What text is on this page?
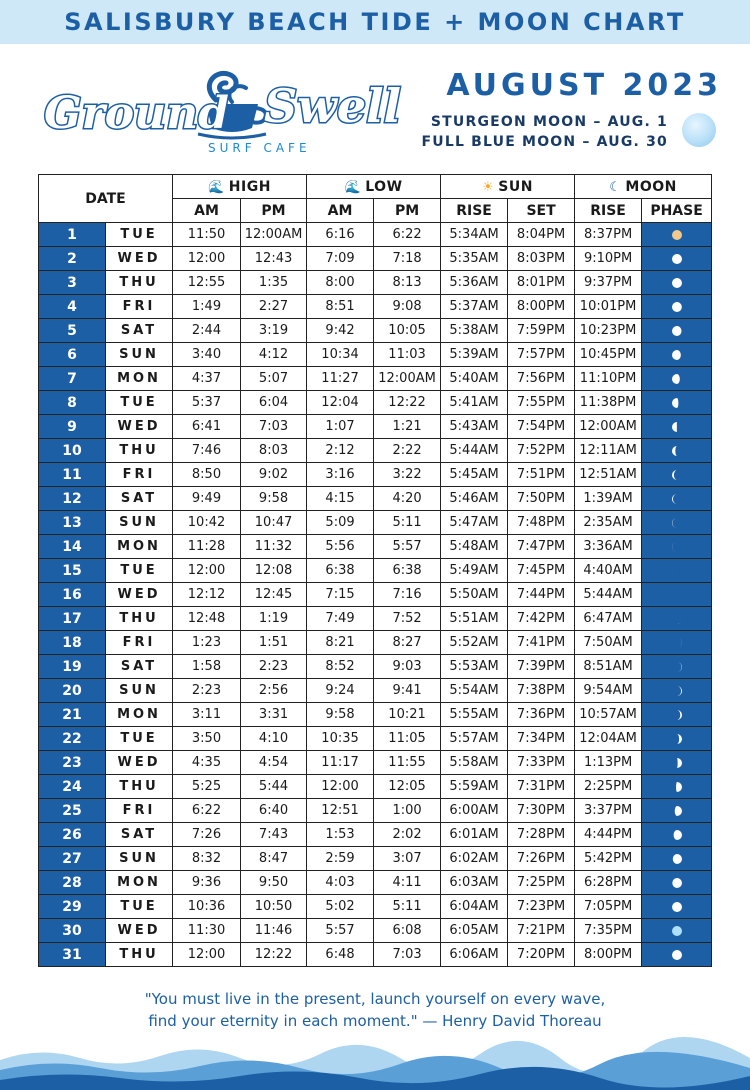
SALISBURY BEACH TIDE + MOON CHART
Ground Swell
SURF CAFE
AUGUST 2023
STURGEON MOON – AUG. 1
FULL BLUE MOON – AUG. 30
DATE		🌊 HIGH		🌊 LOW		☀ SUN		☾ MOON	
		AM	PM	AM	PM	RISE	SET	RISE	PHASE
1	TUE	11:50	12:00AM	6:16	6:22	5:34AM	8:04PM	8:37PM	
2	WED	12:00	12:43	7:09	7:18	5:35AM	8:03PM	9:10PM	
3	THU	12:55	1:35	8:00	8:13	5:36AM	8:01PM	9:37PM	
4	FRI	1:49	2:27	8:51	9:08	5:37AM	8:00PM	10:01PM	
5	SAT	2:44	3:19	9:42	10:05	5:38AM	7:59PM	10:23PM	
6	SUN	3:40	4:12	10:34	11:03	5:39AM	7:57PM	10:45PM	
7	MON	4:37	5:07	11:27	12:00AM	5:40AM	7:56PM	11:10PM	
8	TUE	5:37	6:04	12:04	12:22	5:41AM	7:55PM	11:38PM	
9	WED	6:41	7:03	1:07	1:21	5:43AM	7:54PM	12:00AM	
10	THU	7:46	8:03	2:12	2:22	5:44AM	7:52PM	12:11AM	
11	FRI	8:50	9:02	3:16	3:22	5:45AM	7:51PM	12:51AM	
12	SAT	9:49	9:58	4:15	4:20	5:46AM	7:50PM	1:39AM	
13	SUN	10:42	10:47	5:09	5:11	5:47AM	7:48PM	2:35AM	
14	MON	11:28	11:32	5:56	5:57	5:48AM	7:47PM	3:36AM	
15	TUE	12:00	12:08	6:38	6:38	5:49AM	7:45PM	4:40AM	
16	WED	12:12	12:45	7:15	7:16	5:50AM	7:44PM	5:44AM	
17	THU	12:48	1:19	7:49	7:52	5:51AM	7:42PM	6:47AM	
18	FRI	1:23	1:51	8:21	8:27	5:52AM	7:41PM	7:50AM	
19	SAT	1:58	2:23	8:52	9:03	5:53AM	7:39PM	8:51AM	
20	SUN	2:23	2:56	9:24	9:41	5:54AM	7:38PM	9:54AM	
21	MON	3:11	3:31	9:58	10:21	5:55AM	7:36PM	10:57AM	
22	TUE	3:50	4:10	10:35	11:05	5:57AM	7:34PM	12:04AM	
23	WED	4:35	4:54	11:17	11:55	5:58AM	7:33PM	1:13PM	
24	THU	5:25	5:44	12:00	12:05	5:59AM	7:31PM	2:25PM	
25	FRI	6:22	6:40	12:51	1:00	6:00AM	7:30PM	3:37PM	
26	SAT	7:26	7:43	1:53	2:02	6:01AM	7:28PM	4:44PM	
27	SUN	8:32	8:47	2:59	3:07	6:02AM	7:26PM	5:42PM	
28	MON	9:36	9:50	4:03	4:11	6:03AM	7:25PM	6:28PM	
29	TUE	10:36	10:50	5:02	5:11	6:04AM	7:23PM	7:05PM	
30	WED	11:30	11:46	5:57	6:08	6:05AM	7:21PM	7:35PM	
31	THU	12:00	12:22	6:48	7:03	6:06AM	7:20PM	8:00PM	
"You must live in the present, launch yourself on every wave,
find your eternity in each moment." — Henry David Thoreau
